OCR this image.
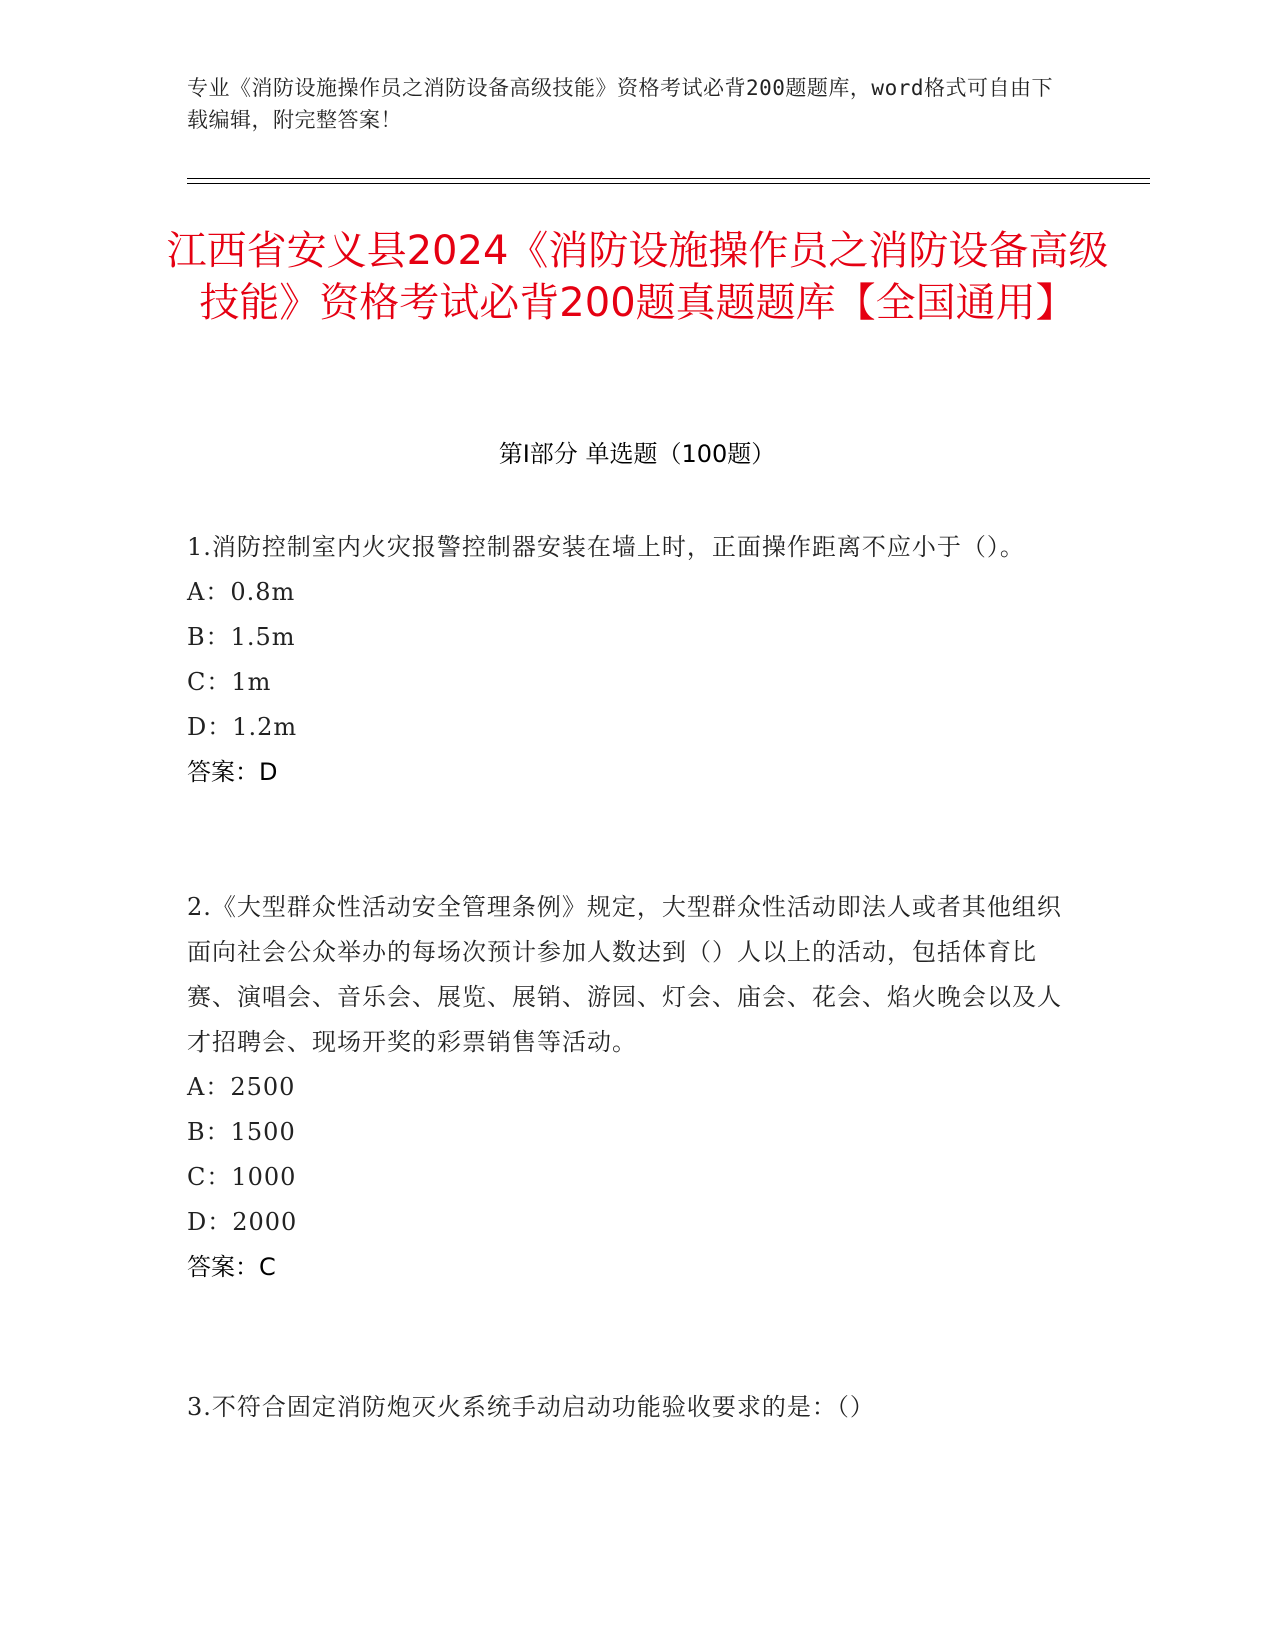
专业《消防设施操作员之消防设备高级技能》资格考试必背200题题库，word格式可自由下载编辑，附完整答案！
江西省安义县2024《消防设施操作员之消防设备高级技能》资格考试必背200题真题题库【全国通用】
第Ⅰ部分 单选题（100题）

1.消防控制室内火灾报警控制器安装在墙上时，正面操作距离不应小于（）。

A：0.8m

B：1.5m

C：1m

D：1.2m

答案：D

2.《大型群众性活动安全管理条例》规定，大型群众性活动即法人或者其他组织面向社会公众举办的每场次预计参加人数达到（）人以上的活动，包括体育比赛、演唱会、音乐会、展览、展销、游园、灯会、庙会、花会、焰火晚会以及人才招聘会、现场开奖的彩票销售等活动。

A：2500

B：1500

C：1000

D：2000

答案：C

3.不符合固定消防炮灭火系统手动启动功能验收要求的是：（）
